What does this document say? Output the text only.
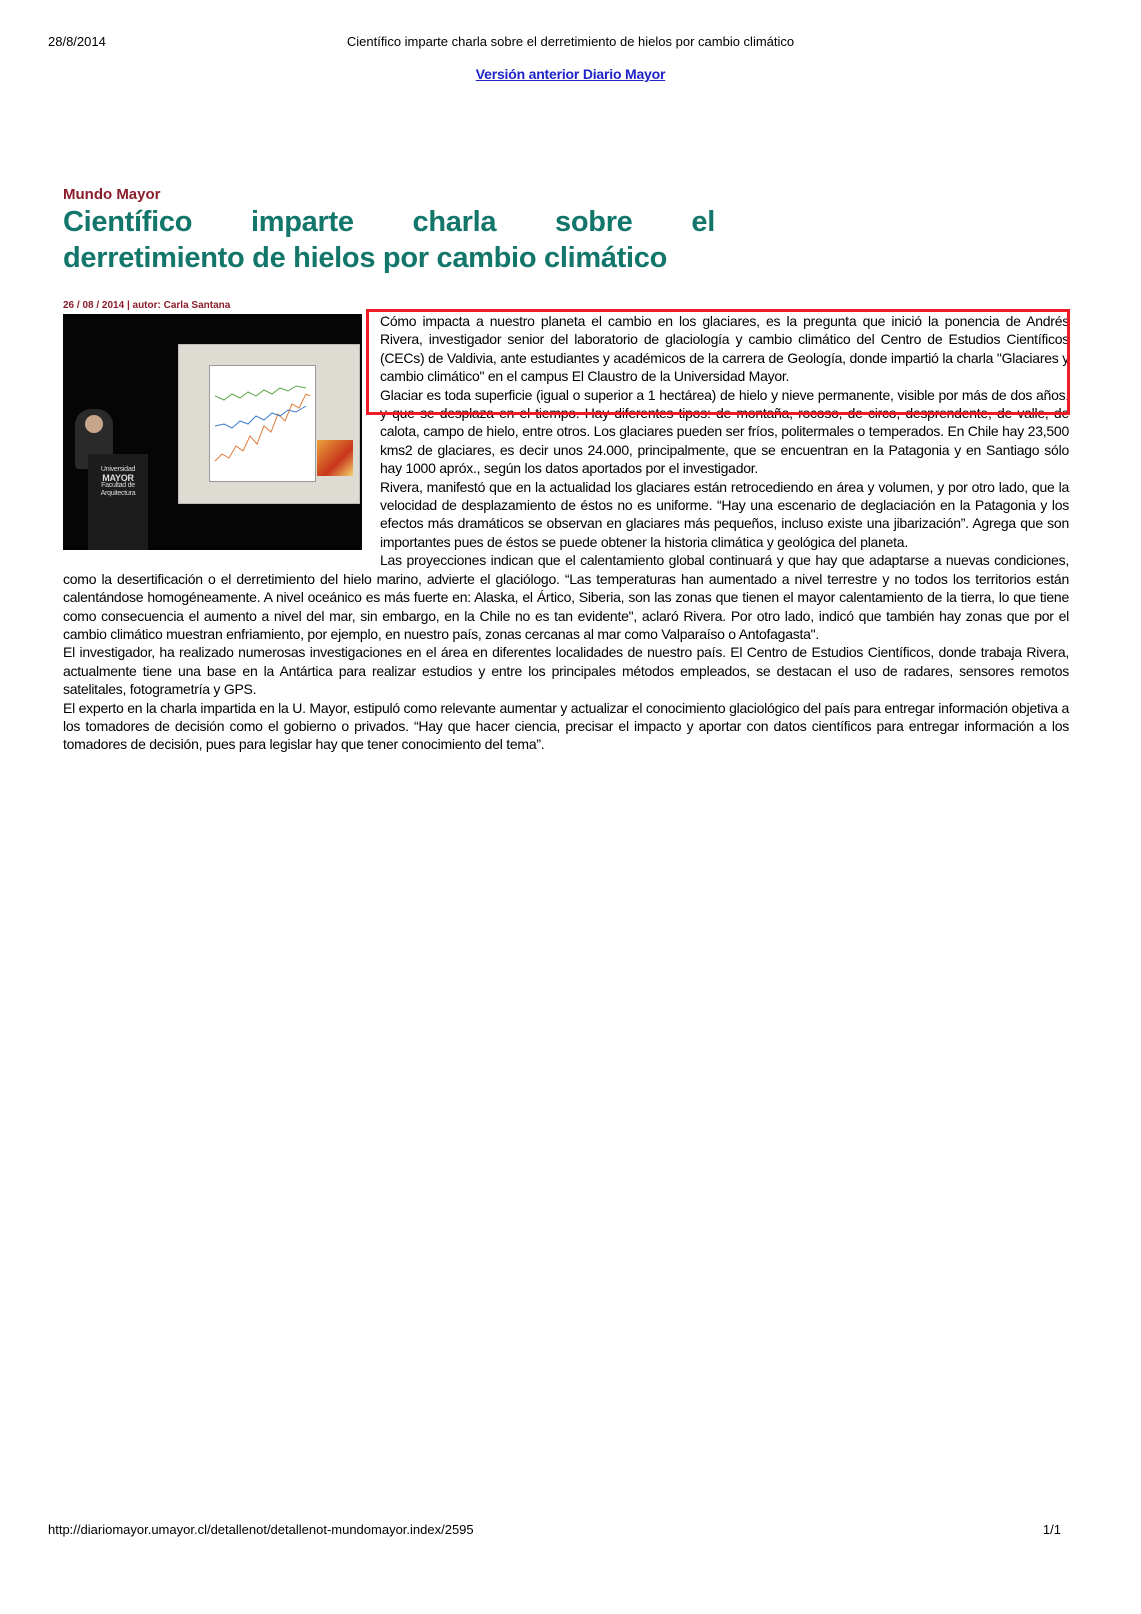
28/8/2014	Científico imparte charla sobre el derretimiento de hielos por cambio climático
Versión anterior Diario Mayor
Mundo Mayor
Científico imparte charla sobre el
derretimiento de hielos por cambio climático
26 / 08 / 2014 | autor: Carla Santana
Universidad
MAYOR
Facultad de Arquitectura

Cómo impacta a nuestro planeta el cambio en los glaciares, es la pregunta que inició la ponencia de Andrés Rivera, investigador senior del laboratorio de glaciología y cambio climático del Centro de Estudios Científicos (CECs) de Valdivia, ante estudiantes y académicos de la carrera de Geología, donde impartió la charla "Glaciares y cambio climático" en el campus El Claustro de la Universidad Mayor.

Glaciar es toda superficie (igual o superior a 1 hectárea) de hielo y nieve permanente, visible por más de dos años, y que se desplaza en el tiempo. Hay diferentes tipos: de montaña, rocoso, de circo, desprendente, de valle, de calota, campo de hielo, entre otros. Los glaciares pueden ser fríos, politermales o temperados. En Chile hay 23,500 kms2 de glaciares, es decir unos 24.000, principalmente, que se encuentran en la Patagonia y en Santiago sólo hay 1000 apróx., según los datos aportados por el investigador.

Rivera, manifestó que en la actualidad los glaciares están retrocediendo en área y volumen, y por otro lado, que la velocidad de desplazamiento de éstos no es uniforme. “Hay una escenario de deglaciación en la Patagonia y los efectos más dramáticos se observan en glaciares más pequeños, incluso existe una jibarización”. Agrega que son importantes pues de éstos se puede obtener la historia climática y geológica del planeta.

Las proyecciones indican que el calentamiento global continuará y que hay que adaptarse a nuevas condiciones, como la desertificación o el derretimiento del hielo marino, advierte el glaciólogo. “Las temperaturas han aumentado a nivel terrestre y no todos los territorios están calentándose homogéneamente. A nivel oceánico es más fuerte en: Alaska, el Ártico, Siberia, son las zonas que tienen el mayor calentamiento de la tierra, lo que tiene como consecuencia el aumento a nivel del mar, sin embargo, en la Chile no es tan evidente", aclaró Rivera. Por otro lado, indicó que también hay zonas que por el cambio climático muestran enfriamiento, por ejemplo, en nuestro país, zonas cercanas al mar como Valparaíso o Antofagasta".

El investigador, ha realizado numerosas investigaciones en el área en diferentes localidades de nuestro país. El Centro de Estudios Científicos, donde trabaja Rivera, actualmente tiene una base en la Antártica para realizar estudios y entre los principales métodos empleados, se destacan el uso de radares, sensores remotos satelitales, fotogrametría y GPS.

El experto en la charla impartida en la U. Mayor, estipuló como relevante aumentar y actualizar el conocimiento glaciológico del país para entregar información objetiva a los tomadores de decisión como el gobierno o privados. “Hay que hacer ciencia, precisar el impacto y aportar con datos científicos para entregar información a los tomadores de decisión, pues para legislar hay que tener conocimiento del tema”.

http://diariomayor.umayor.cl/detallenot/detallenot-mundomayor.index/2595	1/1
